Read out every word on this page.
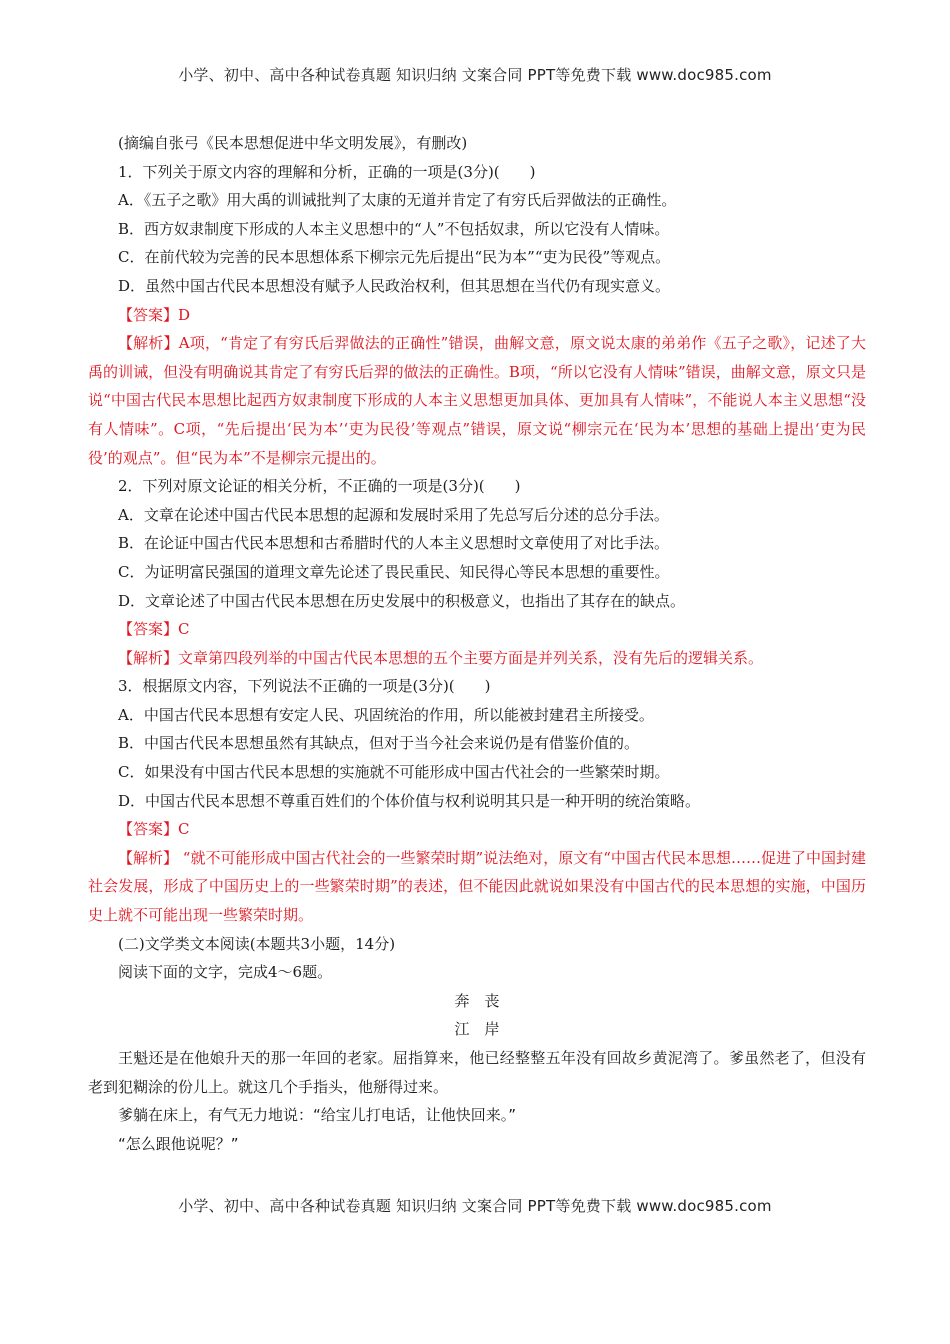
小学、初中、高中各种试卷真题 知识归纳 文案合同 PPT等免费下载 www.doc985.com
(摘编自张弓《民本思想促进中华文明发展》，有删改)
1．下列关于原文内容的理解和分析，正确的一项是(3分)(　　)
A．《五子之歌》用大禹的训诫批判了太康的无道并肯定了有穷氏后羿做法的正确性。
B．西方奴隶制度下形成的人本主义思想中的“人”不包括奴隶，所以它没有人情味。
C．在前代较为完善的民本思想体系下柳宗元先后提出“民为本”“吏为民役”等观点。
D．虽然中国古代民本思想没有赋予人民政治权利，但其思想在当代仍有现实意义。
【答案】D
【解析】A项，“肯定了有穷氏后羿做法的正确性”错误，曲解文意，原文说太康的弟弟作《五子之歌》，记述了大禹的训诫，但没有明确说其肯定了有穷氏后羿的做法的正确性。B项，“所以它没有人情味”错误，曲解文意，原文只是说“中国古代民本思想比起西方奴隶制度下形成的人本主义思想更加具体、更加具有人情味”，不能说人本主义思想“没有人情味”。C项，“先后提出‘民为本’‘吏为民役’等观点”错误，原文说“柳宗元在‘民为本’思想的基础上提出‘吏为民役’的观点”。但“民为本”不是柳宗元提出的。
2．下列对原文论证的相关分析，不正确的一项是(3分)(　　)
A．文章在论述中国古代民本思想的起源和发展时采用了先总写后分述的总分手法。
B．在论证中国古代民本思想和古希腊时代的人本主义思想时文章使用了对比手法。
C．为证明富民强国的道理文章先论述了畏民重民、知民得心等民本思想的重要性。
D．文章论述了中国古代民本思想在历史发展中的积极意义，也指出了其存在的缺点。
【答案】C
【解析】文章第四段列举的中国古代民本思想的五个主要方面是并列关系，没有先后的逻辑关系。
3．根据原文内容，下列说法不正确的一项是(3分)(　　)
A．中国古代民本思想有安定人民、巩固统治的作用，所以能被封建君主所接受。
B．中国古代民本思想虽然有其缺点，但对于当今社会来说仍是有借鉴价值的。
C．如果没有中国古代民本思想的实施就不可能形成中国古代社会的一些繁荣时期。
D．中国古代民本思想不尊重百姓们的个体价值与权利说明其只是一种开明的统治策略。
【答案】C
【解析】 “就不可能形成中国古代社会的一些繁荣时期”说法绝对，原文有“中国古代民本思想……促进了中国封建社会发展，形成了中国历史上的一些繁荣时期”的表述，但不能因此就说如果没有中国古代的民本思想的实施，中国历史上就不可能出现一些繁荣时期。
(二)文学类文本阅读(本题共3小题，14分)
阅读下面的文字，完成4～6题。
奔　丧
江　岸
王魁还是在他娘升天的那一年回的老家。屈指算来，他已经整整五年没有回故乡黄泥湾了。爹虽然老了，但没有老到犯糊涂的份儿上。就这几个手指头，他掰得过来。
爹躺在床上，有气无力地说：“给宝儿打电话，让他快回来。”
“怎么跟他说呢？”
小学、初中、高中各种试卷真题 知识归纳 文案合同 PPT等免费下载 www.doc985.com
